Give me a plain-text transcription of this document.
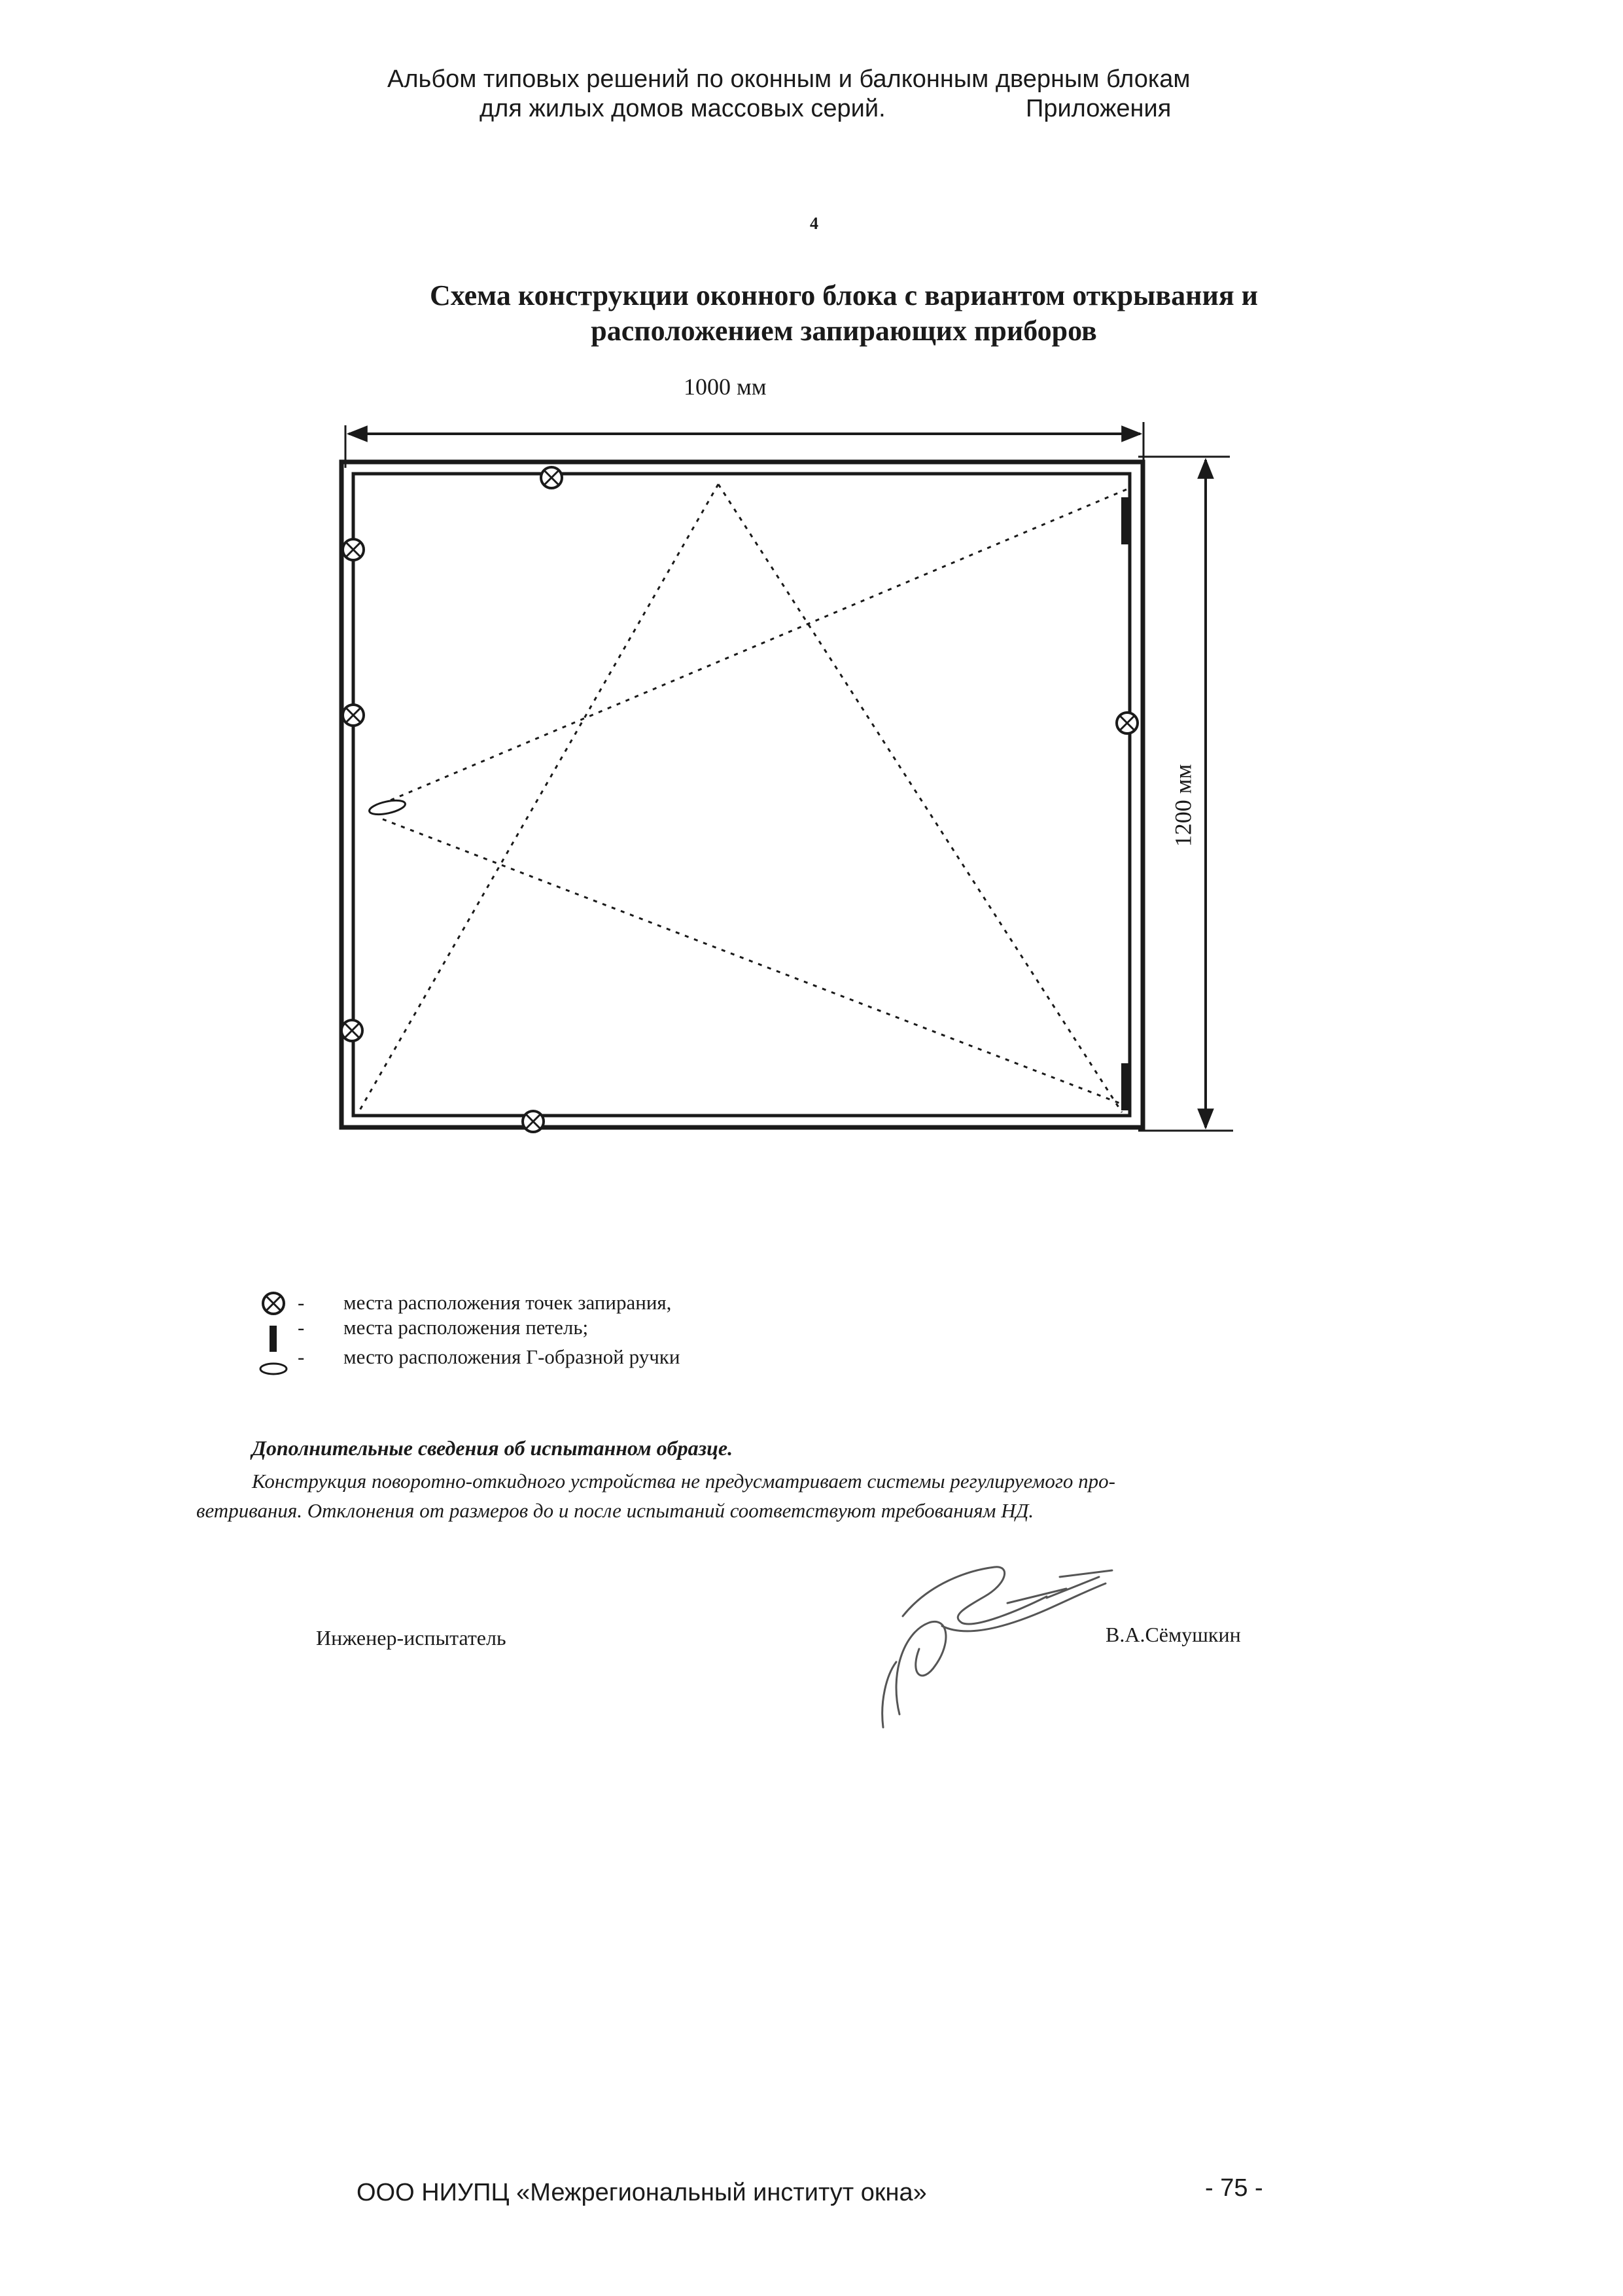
Альбом типовых решений по оконным и балконным дверным блокам
для жилых домов массовых серий.	Приложения
4
Схема конструкции оконного блока с вариантом открывания и
расположением запирающих приборов
1000 мм
1200 мм
- места расположения точек запирания,
- места расположения петель;
- место расположения Г-образной ручки
Дополнительные сведения об испытанном образце.
Конструкция поворотно-откидного устройства не предусматривает системы регулируемого про-
ветривания. Отклонения от размеров до и после испытаний соответствуют требованиям НД.
Инженер-испытатель	В.А.Сёмушкин
ООО НИУПЦ «Межрегиональный институт окна»	- 75 -
